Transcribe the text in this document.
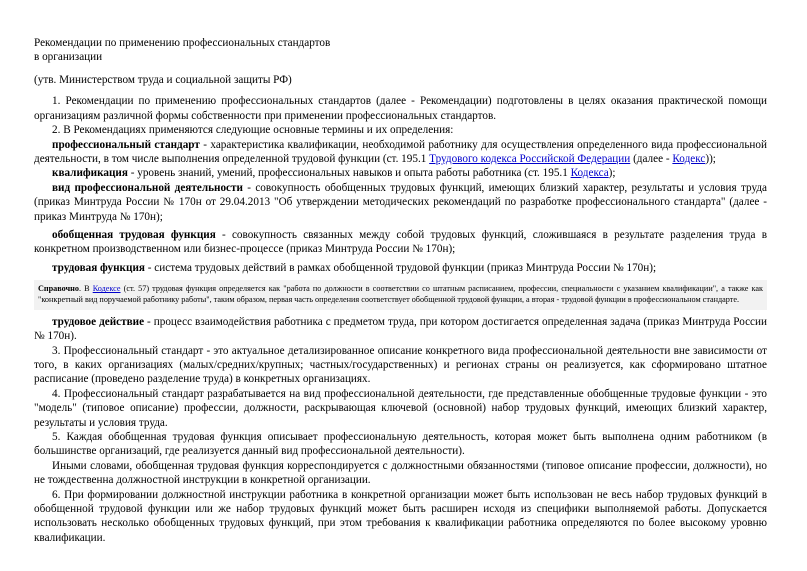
Рекомендации по применению профессиональных стандартов
в организации
(утв. Министерством труда и социальной защиты РФ)

1. Рекомендации по применению профессиональных стандартов (далее - Рекомендации) подготовлены в целях оказания практической помощи организациям различной формы собственности при применении профессиональных стандартов.

2. В Рекомендациях применяются следующие основные термины и их определения:

профессиональный стандарт - характеристика квалификации, необходимой работнику для осуществления определенного вида профессиональной деятельности, в том числе выполнения определенной трудовой функции (ст. 195.1 Трудового кодекса Российской Федерации (далее - Кодекс));

квалификация - уровень знаний, умений, профессиональных навыков и опыта работы работника (ст. 195.1 Кодекса);

вид профессиональной деятельности - совокупность обобщенных трудовых функций, имеющих близкий характер, результаты и условия труда (приказ Минтруда России № 170н от 29.04.2013 "Об утверждении методических рекомендаций по разработке профессионального стандарта" (далее - приказ Минтруда № 170н);

обобщенная трудовая функция - совокупность связанных между собой трудовых функций, сложившаяся в результате разделения труда в конкретном производственном или бизнес-процессе (приказ Минтруда России № 170н);

трудовая функция - система трудовых действий в рамках обобщенной трудовой функции (приказ Минтруда России № 170н);

Справочно. В Кодексе (ст. 57) трудовая функция определяется как "работа по должности в соответствии со штатным расписанием, профессии, специальности с указанием квалификации", а также как "конкретный вид поручаемой работнику работы", таким образом, первая часть определения соответствует обобщенной трудовой функции, а вторая - трудовой функции в профессиональном стандарте.

трудовое действие - процесс взаимодействия работника с предметом труда, при котором достигается определенная задача (приказ Минтруда России № 170н).

3. Профессиональный стандарт - это актуальное детализированное описание конкретного вида профессиональной деятельности вне зависимости от того, в каких организациях (малых/средних/крупных; частных/государственных) и регионах страны он реализуется, как сформировано штатное расписание (проведено разделение труда) в конкретных организациях.

4. Профессиональный стандарт разрабатывается на вид профессиональной деятельности, где представленные обобщенные трудовые функции - это "модель" (типовое описание) профессии, должности, раскрывающая ключевой (основной) набор трудовых функций, имеющих близкий характер, результаты и условия труда.

5. Каждая обобщенная трудовая функция описывает профессиональную деятельность, которая может быть выполнена одним работником (в большинстве организаций, где реализуется данный вид профессиональной деятельности).

Иными словами, обобщенная трудовая функция корреспондируется с должностными обязанностями (типовое описание профессии, должности), но не тождественна должностной инструкции в конкретной организации.

6. При формировании должностной инструкции работника в конкретной организации может быть использован не весь набор трудовых функций в обобщенной трудовой функции или же набор трудовых функций может быть расширен исходя из специфики выполняемой работы. Допускается использовать несколько обобщенных трудовых функций, при этом требования к квалификации работника определяются по более высокому уровню квалификации.
